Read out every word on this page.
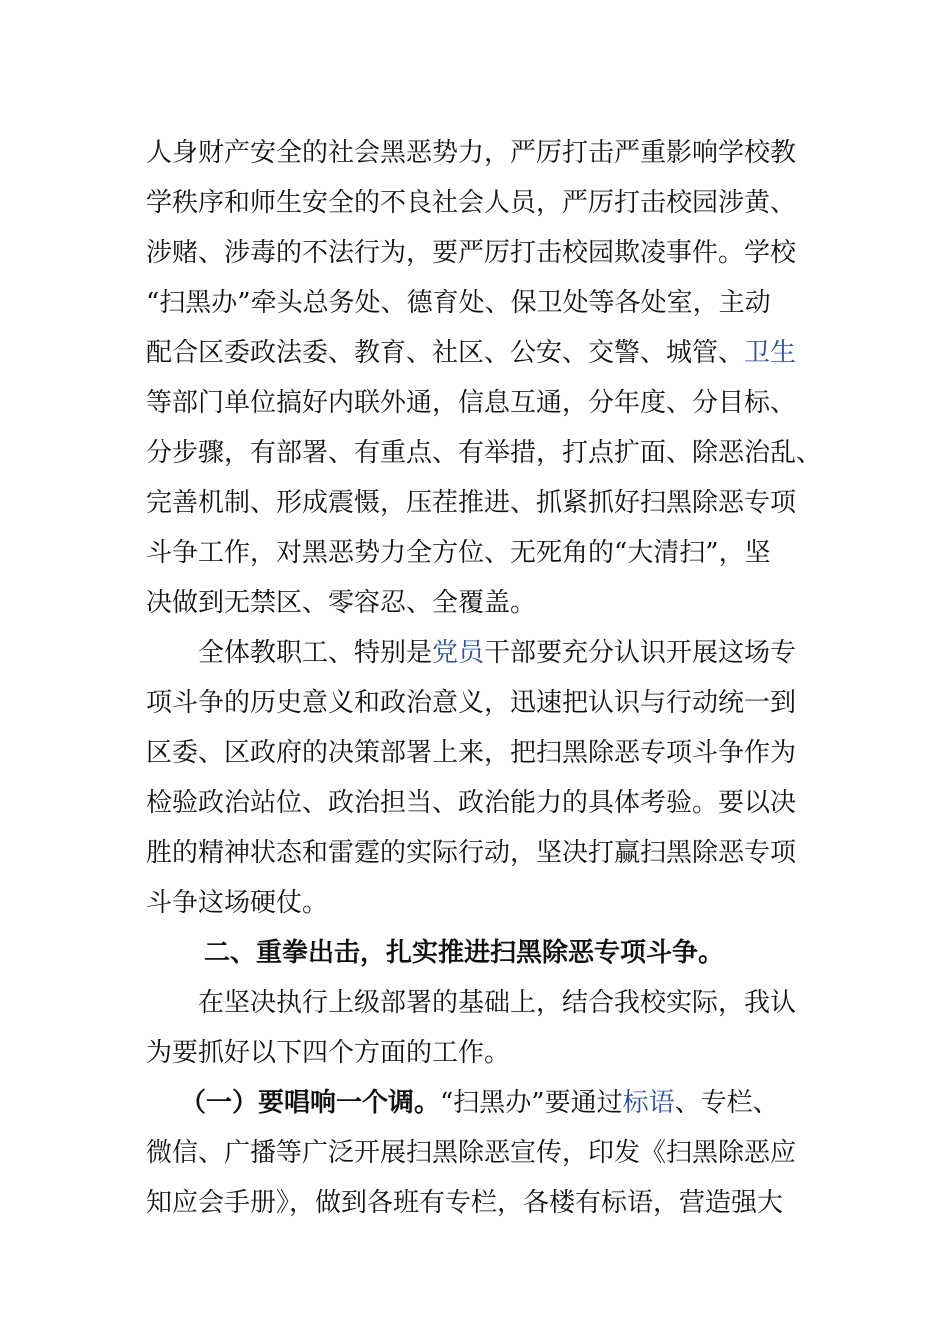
人身财产安全的社会黑恶势力，严厉打击严重影响学校教
学秩序和师生安全的不良社会人员，严厉打击校园涉黄、
涉赌、涉毒的不法行为，要严厉打击校园欺凌事件。学校
“扫黑办”牵头总务处、德育处、保卫处等各处室，主动
配合区委政法委、教育、社区、公安、交警、城管、卫生
等部门单位搞好内联外通，信息互通，分年度、分目标、
分步骤，有部署、有重点、有举措，打点扩面、除恶治乱、
完善机制、形成震慑，压茬推进、抓紧抓好扫黑除恶专项
斗争工作，对黑恶势力全方位、无死角的“大清扫”，坚
决做到无禁区、零容忍、全覆盖。
全体教职工、特别是党员干部要充分认识开展这场专
项斗争的历史意义和政治意义，迅速把认识与行动统一到
区委、区政府的决策部署上来，把扫黑除恶专项斗争作为
检验政治站位、政治担当、政治能力的具体考验。要以决
胜的精神状态和雷霆的实际行动，坚决打赢扫黑除恶专项
斗争这场硬仗。
二、重拳出击，扎实推进扫黑除恶专项斗争。
在坚决执行上级部署的基础上，结合我校实际，我认
为要抓好以下四个方面的工作。
（一）要唱响一个调。“扫黑办”要通过标语、专栏、
微信、广播等广泛开展扫黑除恶宣传，印发《扫黑除恶应
知应会手册》，做到各班有专栏，各楼有标语，营造强大
